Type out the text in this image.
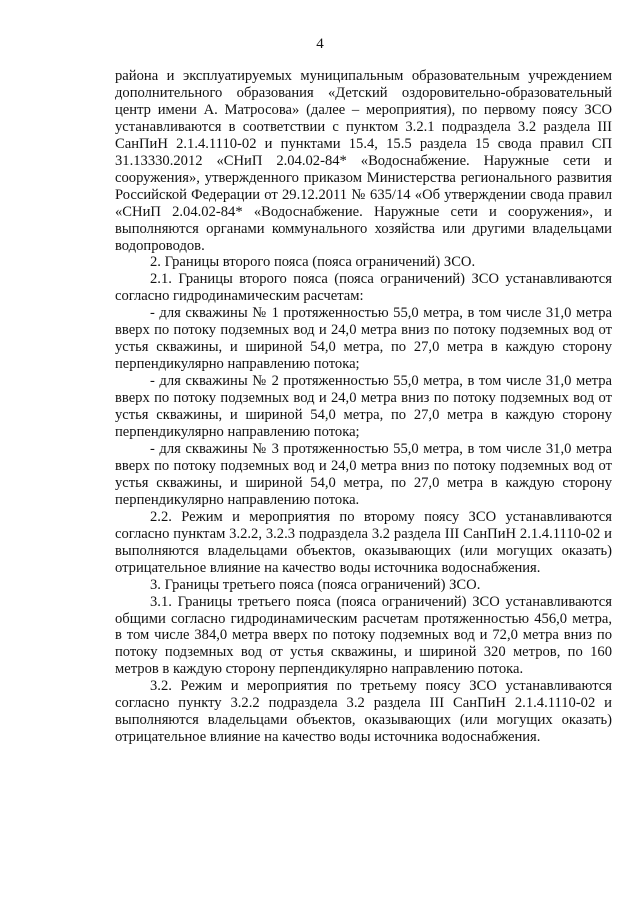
4

района и эксплуатируемых муниципальным образовательным учреждением дополнительного образования «Детский оздоровительно-образовательный центр имени А. Матросова» (далее – мероприятия), по первому поясу ЗСО устанавливаются в соответствии с пунктом 3.2.1 подраздела 3.2 раздела III СанПиН 2.1.4.1110-02 и пунктами 15.4, 15.5 раздела 15 свода правил СП 31.13330.2012 «СНиП 2.04.02-84* «Водоснабжение. Наружные сети и сооружения», утвержденного приказом Министерства регионального развития Российской Федерации от 29.12.2011 № 635/14 «Об утверждении свода правил «СНиП 2.04.02-84* «Водоснабжение. Наружные сети и сооружения», и выполняются органами коммунального хозяйства или другими владельцами водопроводов.

2. Границы второго пояса (пояса ограничений) ЗСО.

2.1. Границы второго пояса (пояса ограничений) ЗСО устанавливаются согласно гидродинамическим расчетам:

- для скважины № 1 протяженностью 55,0 метра, в том числе 31,0 метра вверх по потоку подземных вод и 24,0 метра вниз по потоку подземных вод от устья скважины, и шириной 54,0 метра, по 27,0 метра в каждую сторону перпендикулярно направлению потока;

- для скважины № 2 протяженностью 55,0 метра, в том числе 31,0 метра вверх по потоку подземных вод и 24,0 метра вниз по потоку подземных вод от устья скважины, и шириной 54,0 метра, по 27,0 метра в каждую сторону перпендикулярно направлению потока;

- для скважины № 3 протяженностью 55,0 метра, в том числе 31,0 метра вверх по потоку подземных вод и 24,0 метра вниз по потоку подземных вод от устья скважины, и шириной 54,0 метра, по 27,0 метра в каждую сторону перпендикулярно направлению потока.

2.2. Режим и мероприятия по второму поясу ЗСО устанавливаются согласно пунктам 3.2.2, 3.2.3 подраздела 3.2 раздела III СанПиН 2.1.4.1110-02 и выполняются владельцами объектов, оказывающих (или могущих оказать) отрицательное влияние на качество воды источника водоснабжения.

3. Границы третьего пояса (пояса ограничений) ЗСО.

3.1. Границы третьего пояса (пояса ограничений) ЗСО устанавливаются общими согласно гидродинамическим расчетам протяженностью 456,0 метра, в том числе 384,0 метра вверх по потоку подземных вод и 72,0 метра вниз по потоку подземных вод от устья скважины, и шириной 320 метров, по 160 метров в каждую сторону перпендикулярно направлению потока.

3.2. Режим и мероприятия по третьему поясу ЗСО устанавливаются согласно пункту 3.2.2 подраздела 3.2 раздела III СанПиН 2.1.4.1110-02 и выполняются владельцами объектов, оказывающих (или могущих оказать) отрицательное влияние на качество воды источника водоснабжения.
